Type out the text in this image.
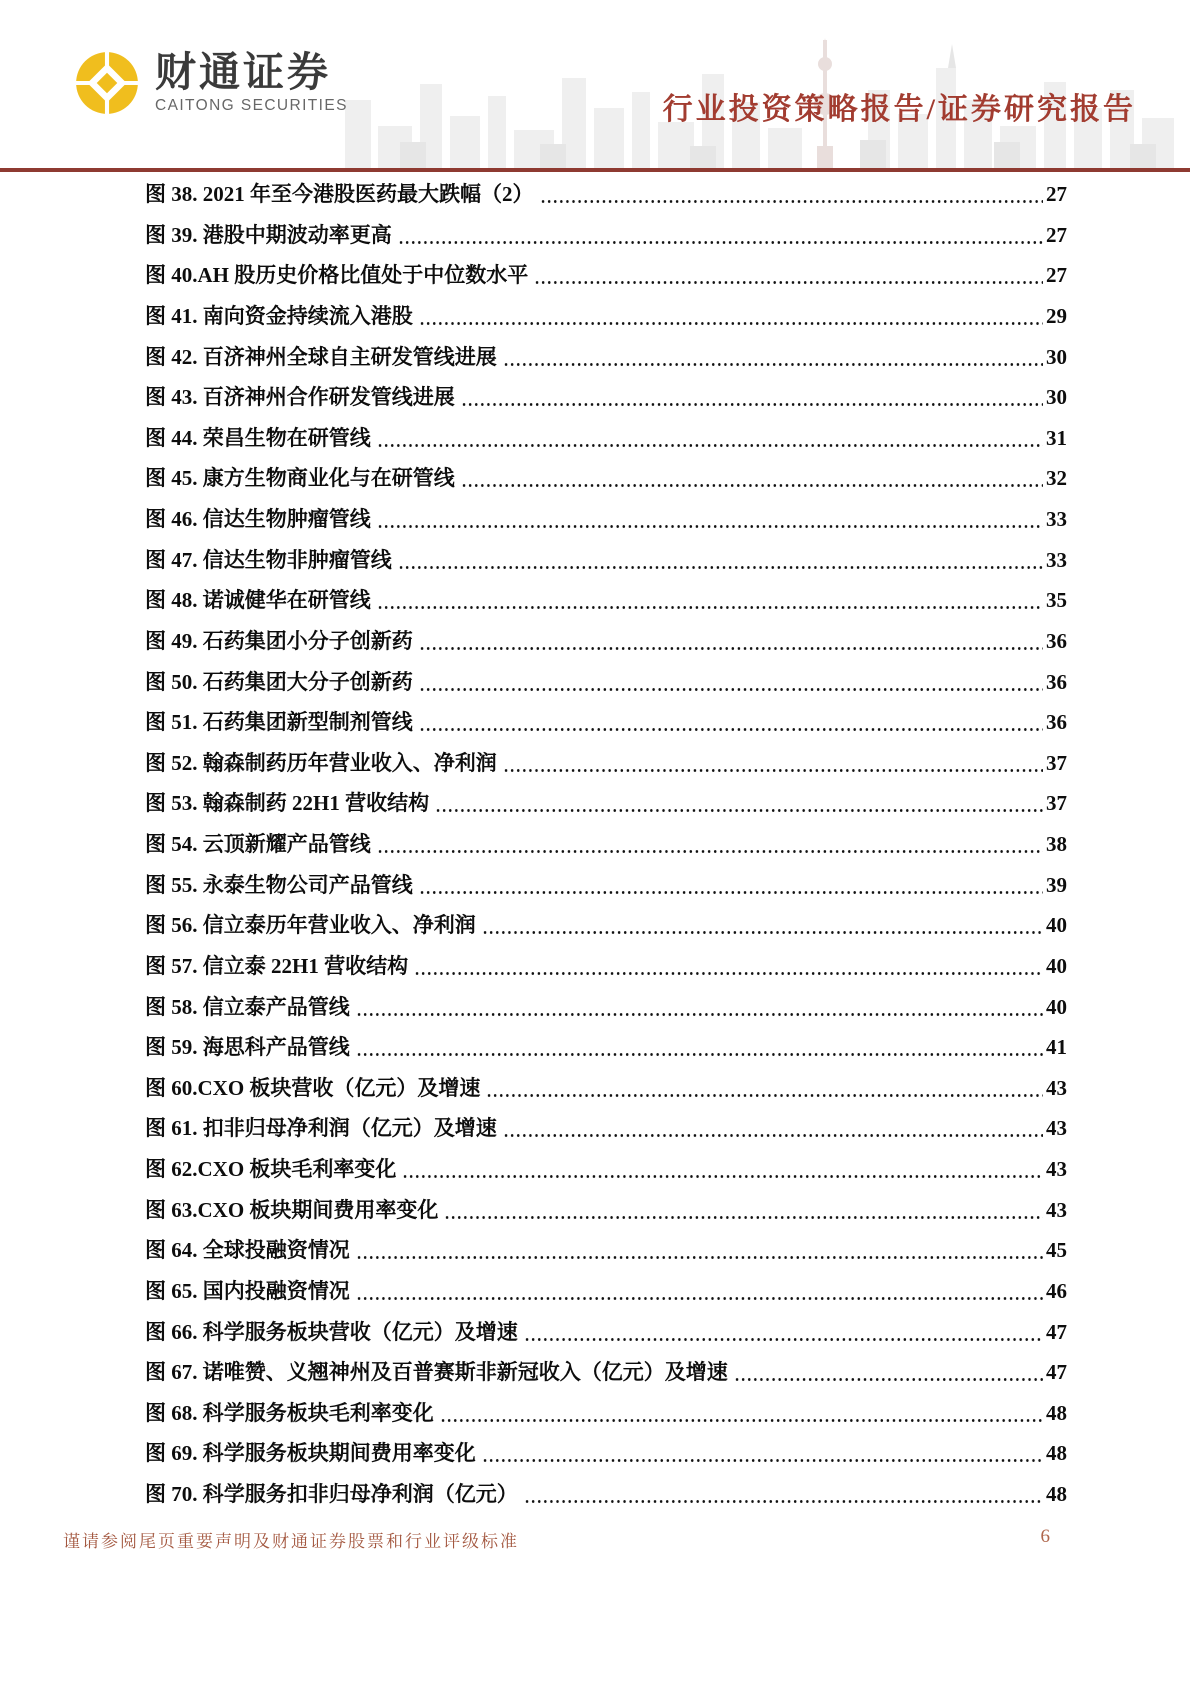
财通证券
CAITONG SECURITIES	行业投资策略报告/证券研究报告
图 38. 2021 年至今港股医药最大跌幅（2）	27
图 39. 港股中期波动率更高	27
图 40.AH 股历史价格比值处于中位数水平	27
图 41. 南向资金持续流入港股	29
图 42. 百济神州全球自主研发管线进展	30
图 43. 百济神州合作研发管线进展	30
图 44. 荣昌生物在研管线	31
图 45. 康方生物商业化与在研管线	32
图 46. 信达生物肿瘤管线	33
图 47. 信达生物非肿瘤管线	33
图 48. 诺诚健华在研管线	35
图 49. 石药集团小分子创新药	36
图 50. 石药集团大分子创新药	36
图 51. 石药集团新型制剂管线	36
图 52. 翰森制药历年营业收入、净利润	37
图 53. 翰森制药 22H1 营收结构	37
图 54. 云顶新耀产品管线	38
图 55. 永泰生物公司产品管线	39
图 56. 信立泰历年营业收入、净利润	40
图 57. 信立泰 22H1 营收结构	40
图 58. 信立泰产品管线	40
图 59. 海思科产品管线	41
图 60.CXO 板块营收（亿元）及增速	43
图 61. 扣非归母净利润（亿元）及增速	43
图 62.CXO 板块毛利率变化	43
图 63.CXO 板块期间费用率变化	43
图 64. 全球投融资情况	45
图 65. 国内投融资情况	46
图 66. 科学服务板块营收（亿元）及增速	47
图 67. 诺唯赞、义翘神州及百普赛斯非新冠收入（亿元）及增速	47
图 68. 科学服务板块毛利率变化	48
图 69. 科学服务板块期间费用率变化	48
图 70. 科学服务扣非归母净利润（亿元）	48
谨请参阅尾页重要声明及财通证券股票和行业评级标准	6
